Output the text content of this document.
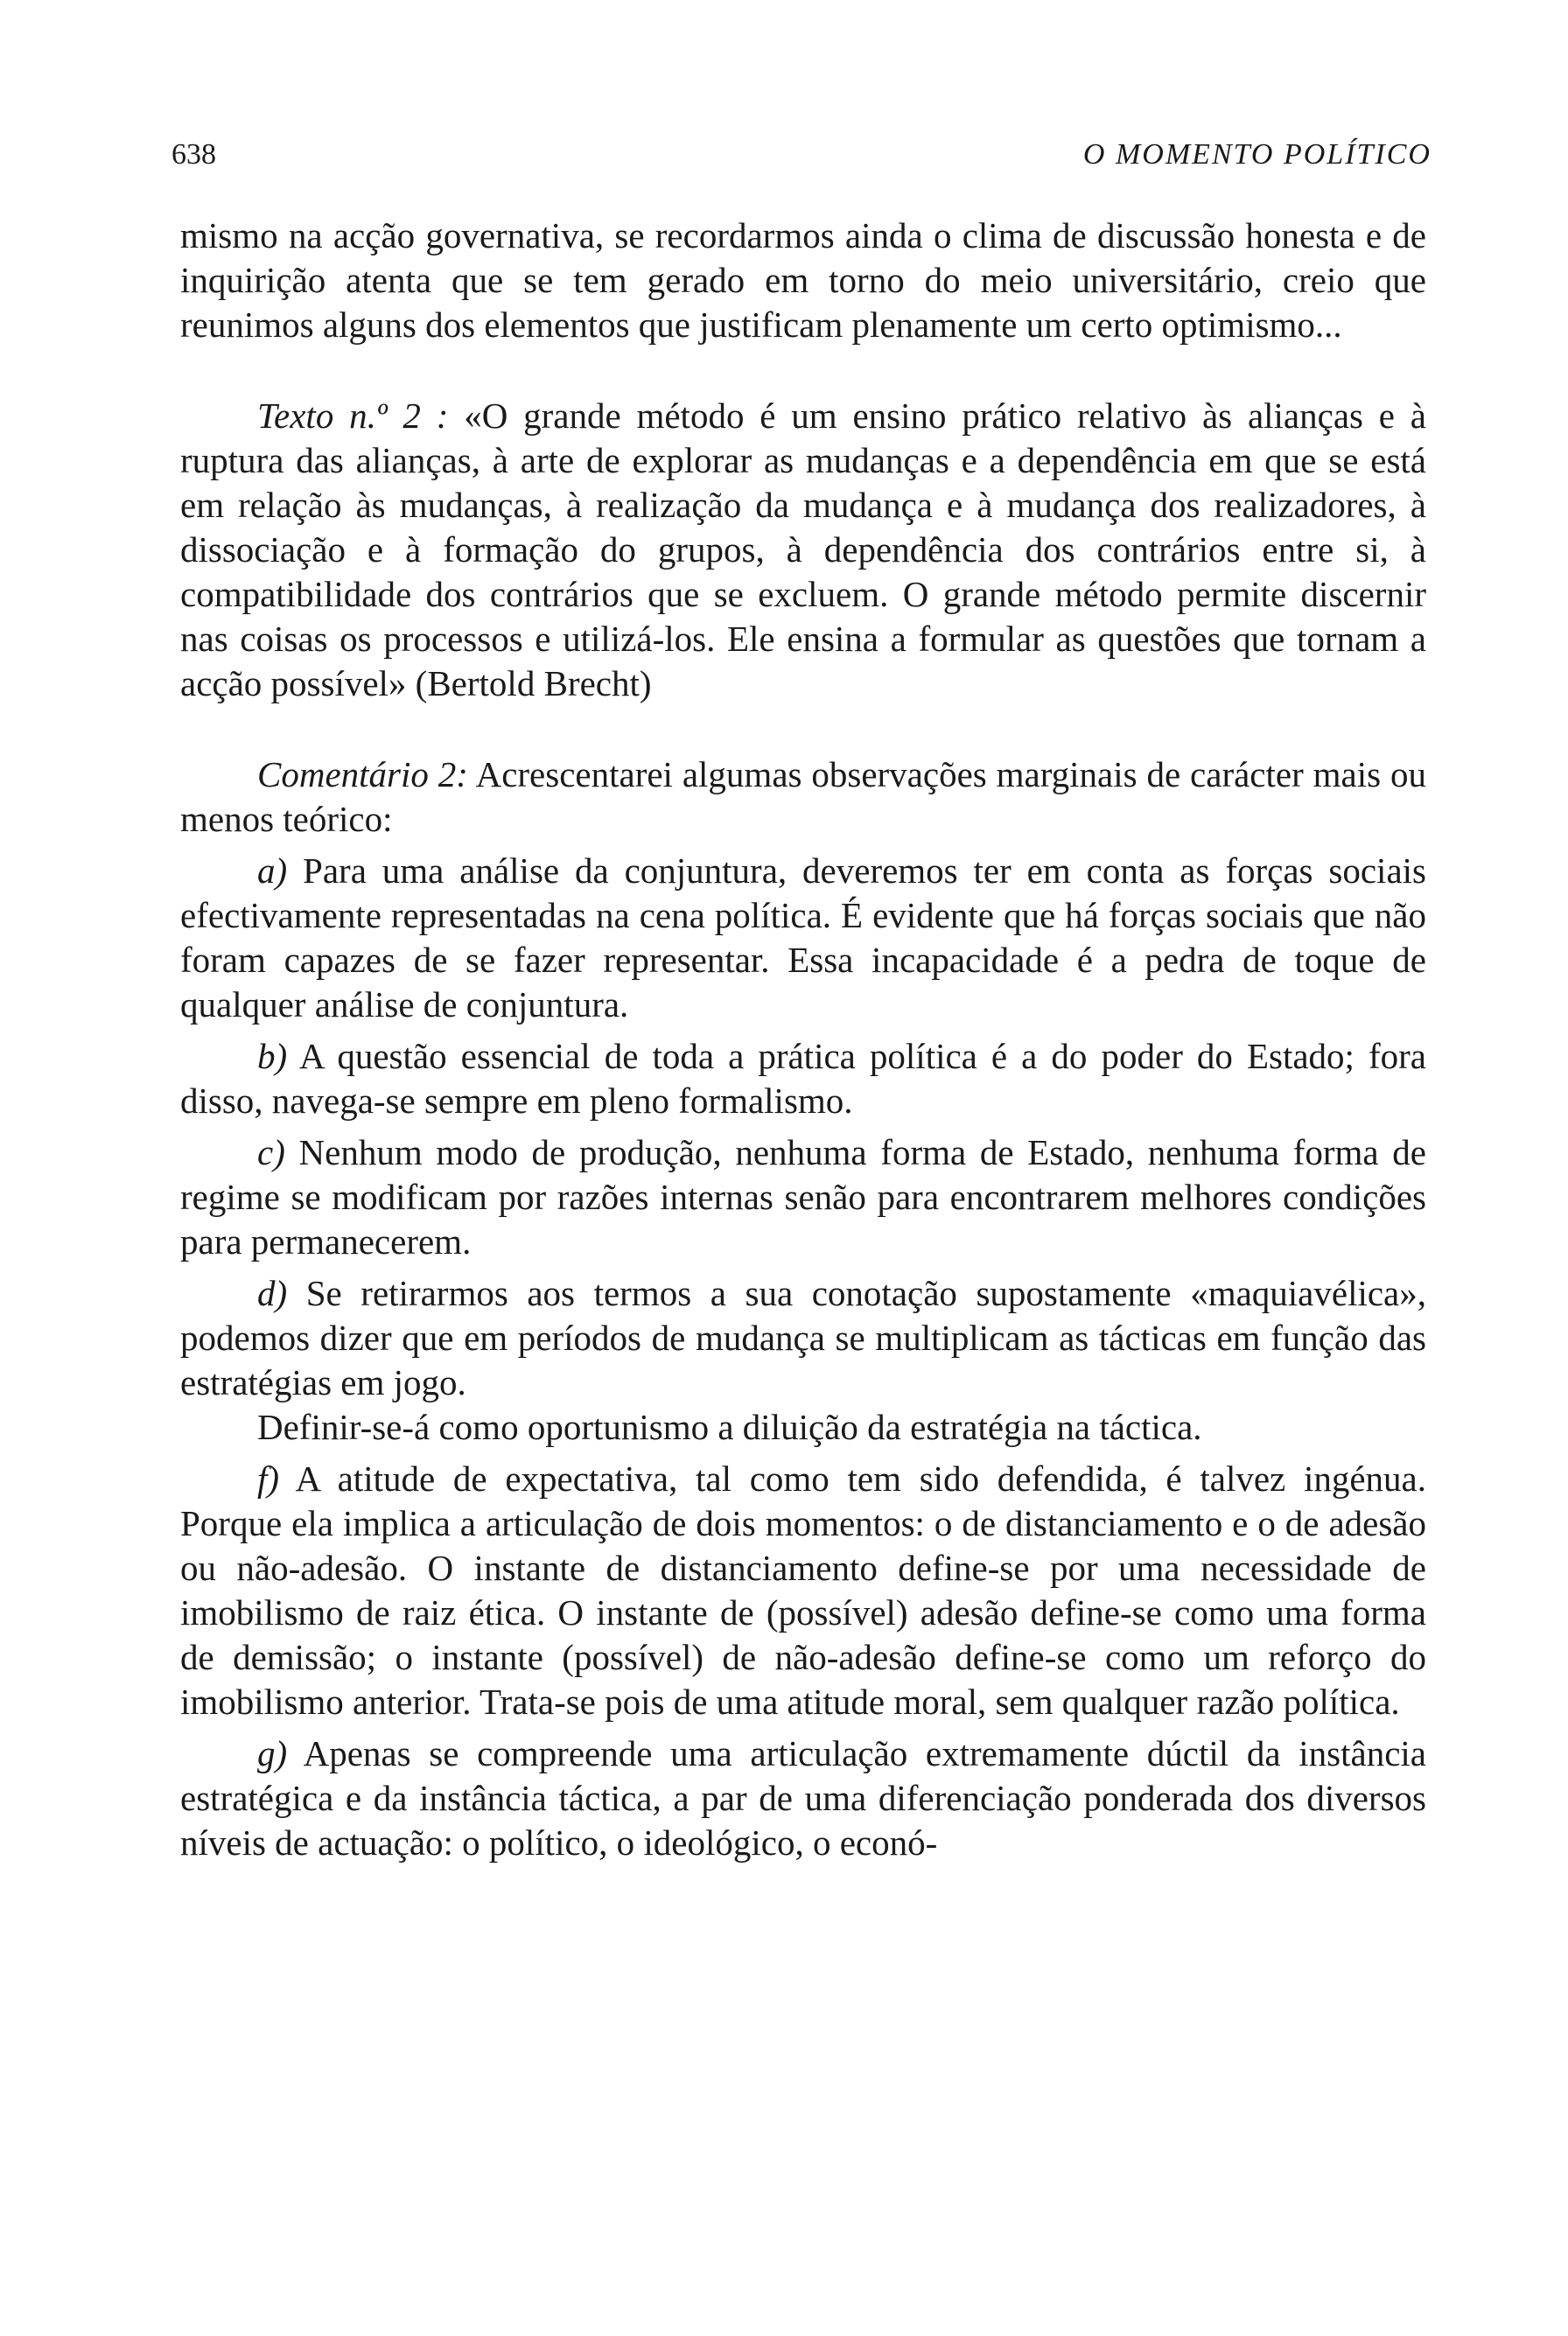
638	O MOMENTO POLÍTICO

mismo na acção governativa, se recordarmos ainda o clima de discussão honesta e de inquirição atenta que se tem gerado em torno do meio universitário, creio que reunimos alguns dos elementos que justificam plenamente um certo optimismo...

Texto n.º 2 : «O grande método é um ensino prático relativo às alianças e à ruptura das alianças, à arte de explorar as mudanças e a dependência em que se está em relação às mudanças, à realização da mudança e à mudança dos realizadores, à dissociação e à formação do grupos, à dependência dos contrários entre si, à compatibilidade dos contrários que se excluem. O grande método permite discernir nas coisas os processos e utilizá-los. Ele ensina a formular as questões que tornam a acção possível» (Bertold Brecht)

Comentário 2: Acrescentarei algumas observações marginais de carácter mais ou menos teórico:

a) Para uma análise da conjuntura, deveremos ter em conta as forças sociais efectivamente representadas na cena política. É evidente que há forças sociais que não foram capazes de se fazer representar. Essa incapacidade é a pedra de toque de qualquer análise de conjuntura.

b) A questão essencial de toda a prática política é a do poder do Estado; fora disso, navega-se sempre em pleno formalismo.

c) Nenhum modo de produção, nenhuma forma de Estado, nenhuma forma de regime se modificam por razões internas senão para encontrarem melhores condições para permanecerem.

d) Se retirarmos aos termos a sua conotação supostamente «maquiavélica», podemos dizer que em períodos de mudança se multiplicam as tácticas em função das estratégias em jogo.

Definir-se-á como oportunismo a diluição da estratégia na táctica.

f) A atitude de expectativa, tal como tem sido defendida, é talvez ingénua. Porque ela implica a articulação de dois momentos: o de distanciamento e o de adesão ou não-adesão. O instante de distanciamento define-se por uma necessidade de imobilismo de raiz ética. O instante de (possível) adesão define-se como uma forma de demissão; o instante (possível) de não-adesão define-se como um reforço do imobilismo anterior. Trata-se pois de uma atitude moral, sem qualquer razão política.

g) Apenas se compreende uma articulação extremamente dúctil da instância estratégica e da instância táctica, a par de uma diferenciação ponderada dos diversos níveis de actuação: o político, o ideológico, o econó-
